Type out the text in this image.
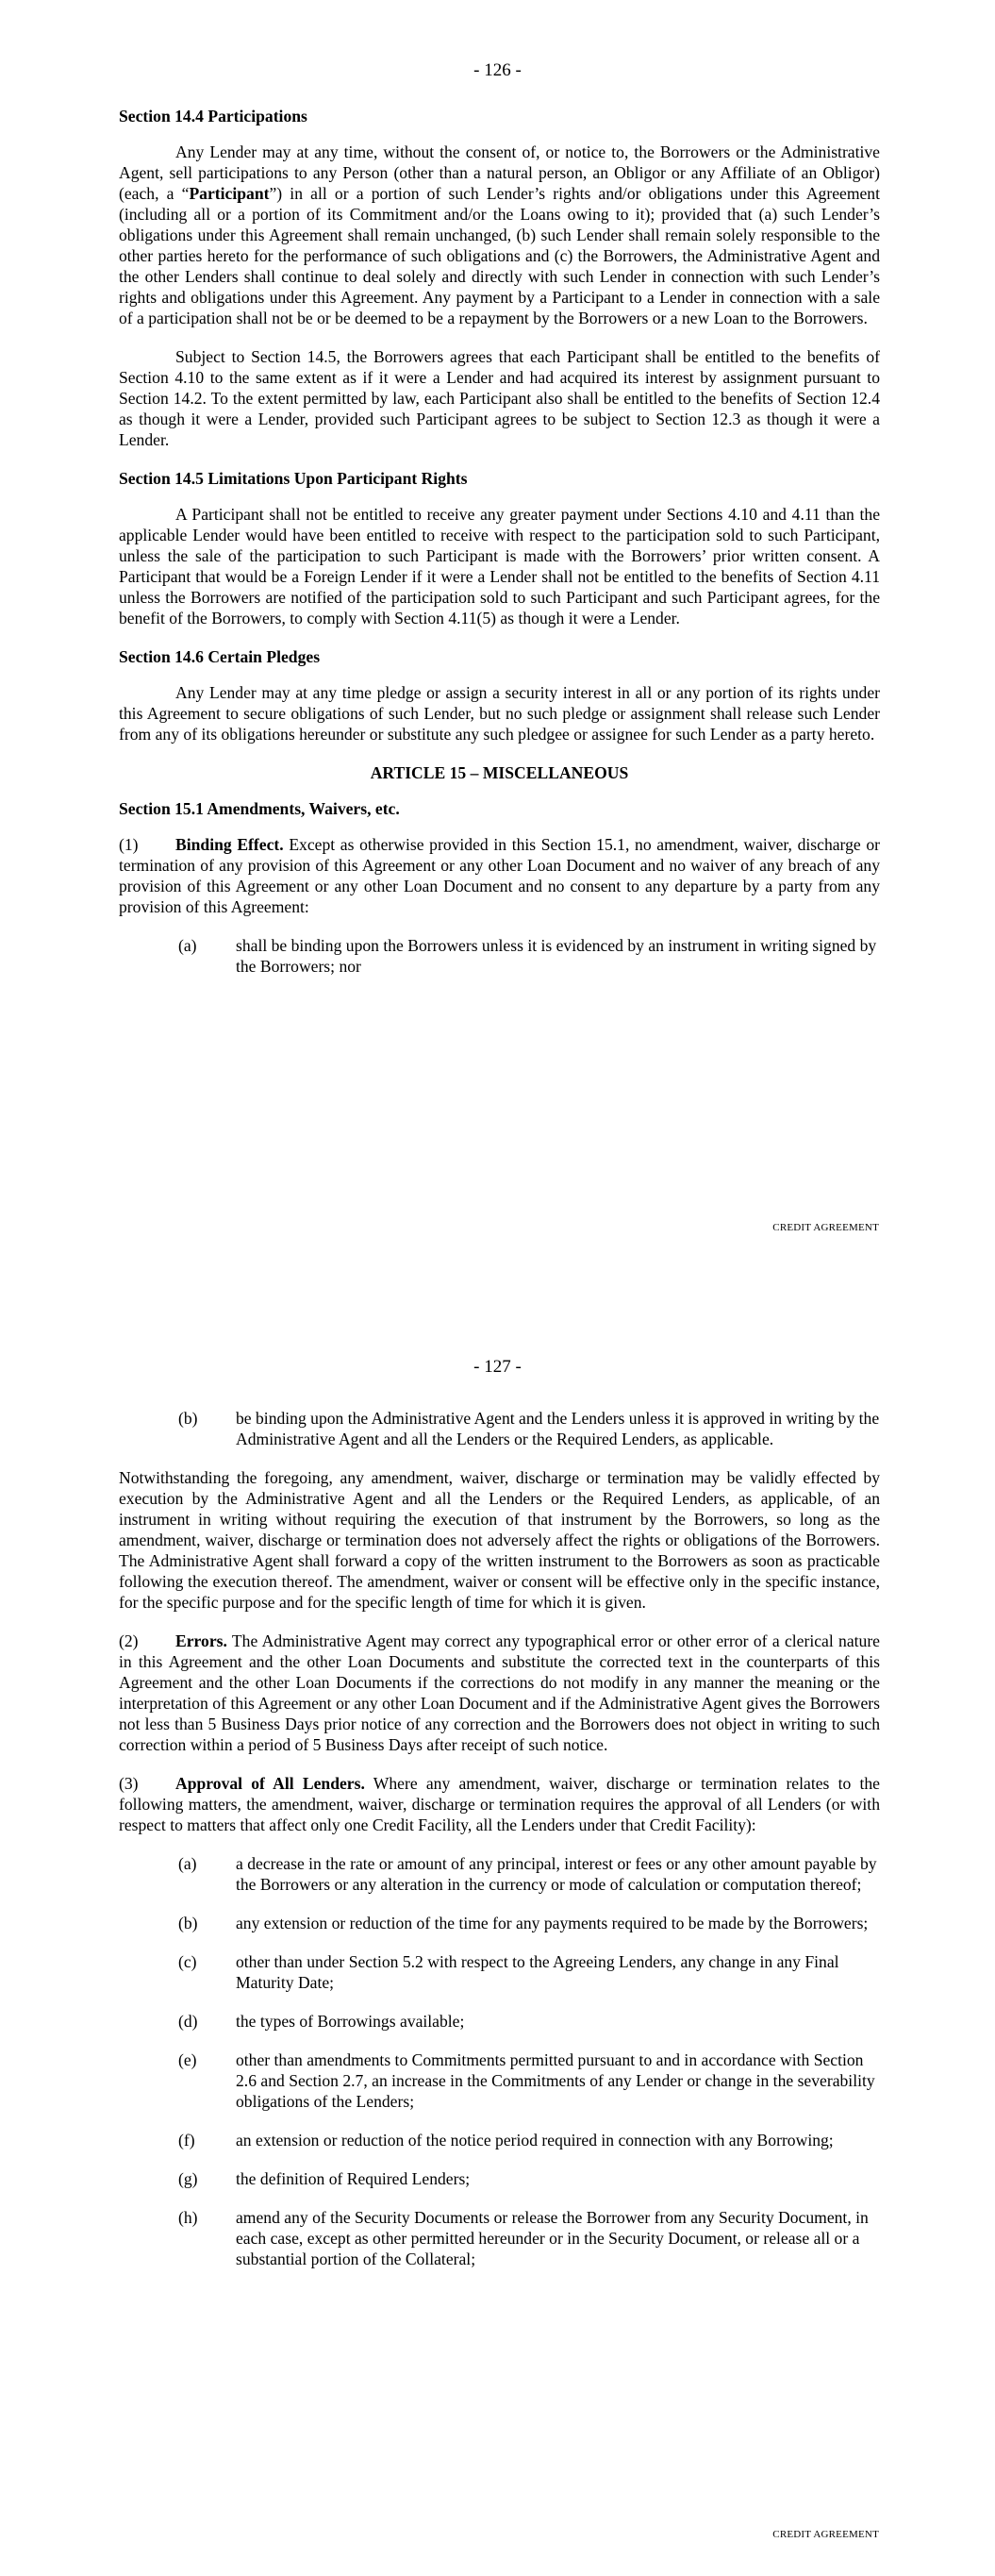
- 126 -
Section 14.4 Participations

Any Lender may at any time, without the consent of, or notice to, the Borrowers or the Administrative Agent, sell participations to any Person (other than a natural person, an Obligor or any Affiliate of an Obligor) (each, a “Participant”) in all or a portion of such Lender’s rights and/or obligations under this Agreement (including all or a portion of its Commitment and/or the Loans owing to it); provided that (a) such Lender’s obligations under this Agreement shall remain unchanged, (b) such Lender shall remain solely responsible to the other parties hereto for the performance of such obligations and (c) the Borrowers, the Administrative Agent and the other Lenders shall continue to deal solely and directly with such Lender in connection with such Lender’s rights and obligations under this Agreement. Any payment by a Participant to a Lender in connection with a sale of a participation shall not be or be deemed to be a repayment by the Borrowers or a new Loan to the Borrowers.

Subject to Section 14.5, the Borrowers agrees that each Participant shall be entitled to the benefits of Section 4.10 to the same extent as if it were a Lender and had acquired its interest by assignment pursuant to Section 14.2. To the extent permitted by law, each Participant also shall be entitled to the benefits of Section 12.4 as though it were a Lender, provided such Participant agrees to be subject to Section 12.3 as though it were a Lender.

Section 14.5 Limitations Upon Participant Rights

A Participant shall not be entitled to receive any greater payment under Sections 4.10 and 4.11 than the applicable Lender would have been entitled to receive with respect to the participation sold to such Participant, unless the sale of the participation to such Participant is made with the Borrowers’ prior written consent. A Participant that would be a Foreign Lender if it were a Lender shall not be entitled to the benefits of Section 4.11 unless the Borrowers are notified of the participation sold to such Participant and such Participant agrees, for the benefit of the Borrowers, to comply with Section 4.11(5) as though it were a Lender.

Section 14.6 Certain Pledges

Any Lender may at any time pledge or assign a security interest in all or any portion of its rights under this Agreement to secure obligations of such Lender, but no such pledge or assignment shall release such Lender from any of its obligations hereunder or substitute any such pledgee or assignee for such Lender as a party hereto.

ARTICLE 15 – MISCELLANEOUS
Section 15.1 Amendments, Waivers, etc.

(1) Binding Effect. Except as otherwise provided in this Section 15.1, no amendment, waiver, discharge or termination of any provision of this Agreement or any other Loan Document and no waiver of any breach of any provision of this Agreement or any other Loan Document and no consent to any departure by a party from any provision of this Agreement:

(a) shall be binding upon the Borrowers unless it is evidenced by an instrument in writing signed by the Borrowers; nor
CREDIT AGREEMENT
- 127 -
(b) be binding upon the Administrative Agent and the Lenders unless it is approved in writing by the Administrative Agent and all the Lenders or the Required Lenders, as applicable.

Notwithstanding the foregoing, any amendment, waiver, discharge or termination may be validly effected by execution by the Administrative Agent and all the Lenders or the Required Lenders, as applicable, of an instrument in writing without requiring the execution of that instrument by the Borrowers, so long as the amendment, waiver, discharge or termination does not adversely affect the rights or obligations of the Borrowers. The Administrative Agent shall forward a copy of the written instrument to the Borrowers as soon as practicable following the execution thereof. The amendment, waiver or consent will be effective only in the specific instance, for the specific purpose and for the specific length of time for which it is given.

(2) Errors. The Administrative Agent may correct any typographical error or other error of a clerical nature in this Agreement and the other Loan Documents and substitute the corrected text in the counterparts of this Agreement and the other Loan Documents if the corrections do not modify in any manner the meaning or the interpretation of this Agreement or any other Loan Document and if the Administrative Agent gives the Borrowers not less than 5 Business Days prior notice of any correction and the Borrowers does not object in writing to such correction within a period of 5 Business Days after receipt of such notice.

(3) Approval of All Lenders. Where any amendment, waiver, discharge or termination relates to the following matters, the amendment, waiver, discharge or termination requires the approval of all Lenders (or with respect to matters that affect only one Credit Facility, all the Lenders under that Credit Facility):

(a) a decrease in the rate or amount of any principal, interest or fees or any other amount payable by the Borrowers or any alteration in the currency or mode of calculation or computation thereof;
(b) any extension or reduction of the time for any payments required to be made by the Borrowers;
(c) other than under Section 5.2 with respect to the Agreeing Lenders, any change in any Final Maturity Date;
(d) the types of Borrowings available;
(e) other than amendments to Commitments permitted pursuant to and in accordance with Section 2.6 and Section 2.7, an increase in the Commitments of any Lender or change in the severability obligations of the Lenders;
(f) an extension or reduction of the notice period required in connection with any Borrowing;
(g) the definition of Required Lenders;
(h) amend any of the Security Documents or release the Borrower from any Security Document, in each case, except as other permitted hereunder or in the Security Document, or release all or a substantial portion of the Collateral;
CREDIT AGREEMENT
